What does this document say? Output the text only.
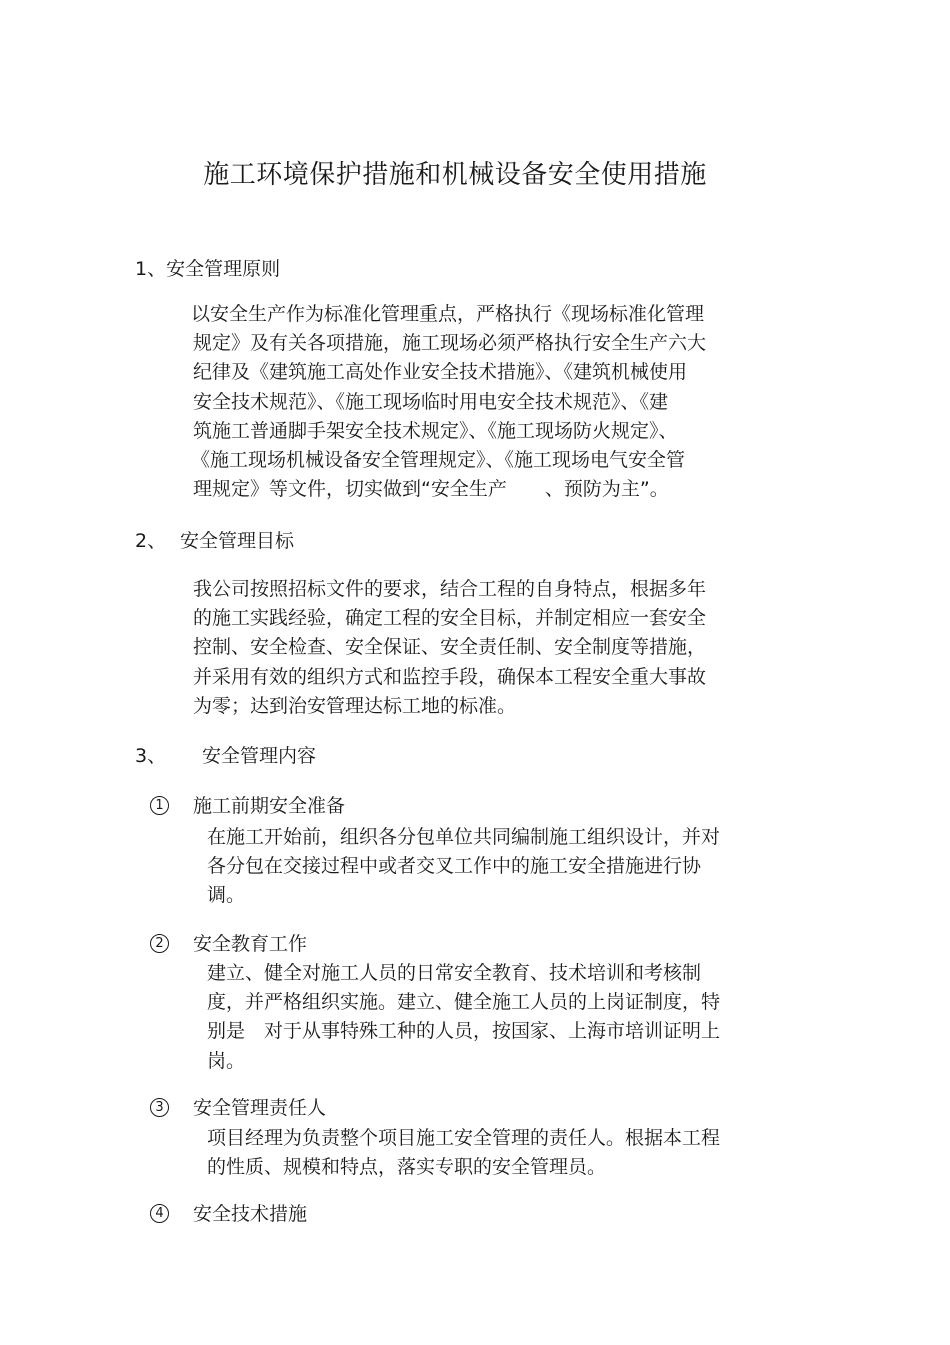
施工环境保护措施和机械设备安全使用措施
1、安全管理原则
以安全生产作为标准化管理重点，严格执行《现场标准化管理
规定》及有关各项措施，施工现场必须严格执行安全生产六大
纪律及《建筑施工高处作业安全技术措施》、《建筑机械使用
安全技术规范》、《施工现场临时用电安全技术规范》、《建
筑施工普通脚手架安全技术规定》、《施工现场防火规定》、
《施工现场机械设备安全管理规定》、《施工现场电气安全管
理规定》等文件，切实做到“安全生产　　、预防为主”。
2、 安全管理目标
我公司按照招标文件的要求，结合工程的自身特点，根据多年
的施工实践经验，确定工程的安全目标，并制定相应一套安全
控制、安全检查、安全保证、安全责任制、安全制度等措施，
并采用有效的组织方式和监控手段，确保本工程安全重大事故
为零；达到治安管理达标工地的标准。
3、 安全管理内容
1 施工前期安全准备
在施工开始前，组织各分包单位共同编制施工组织设计，并对
各分包在交接过程中或者交叉工作中的施工安全措施进行协
调。
2 安全教育工作
建立、健全对施工人员的日常安全教育、技术培训和考核制
度，并严格组织实施。建立、健全施工人员的上岗证制度，特
别是　对于从事特殊工种的人员，按国家、上海市培训证明上
岗。
3 安全管理责任人
项目经理为负责整个项目施工安全管理的责任人。根据本工程
的性质、规模和特点，落实专职的安全管理员。
4 安全技术措施
